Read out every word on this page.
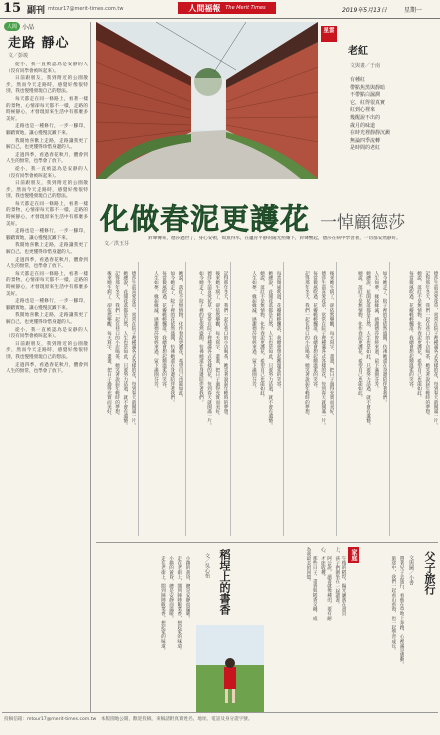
15 副刊 mtour17@merit-times.com.tw	人間福報 The Merit Times	2019年5月13日	星期一
人間 小品
走路 靜心
文／彭竣

從小，我一直被認為是安靜的人（沒有同學會被叫起來）。

日前跟朋友，我到附近的公園散步，然而今天走路時，感覺好像很特別，我也慢慢發現自己的想法。

每天都走在同一條路上，看著一樣的景物，心情卻每天都不一樣，走路的時候靜心，才發現原來生活中有那麼多美好。

走路也是一種修行，一步一腳印，腳踏實地，讓心慢慢沉澱下來。

我開始喜歡上走路，走路讓我更了解自己，也更懂得珍惜身邊的人。

走過四季，看過春花秋月，體會到人生的無常，也學會了放下。

從小，我一直被認為是安靜的人（沒有同學會被叫起來）。

日前跟朋友，我到附近的公園散步，然而今天走路時，感覺好像很特別，我也慢慢發現自己的想法。

每天都走在同一條路上，看著一樣的景物，心情卻每天都不一樣，走路的時候靜心，才發現原來生活中有那麼多美好。

走路也是一種修行，一步一腳印，腳踏實地，讓心慢慢沉澱下來。

我開始喜歡上走路，走路讓我更了解自己，也更懂得珍惜身邊的人。

走過四季，看過春花秋月，體會到人生的無常，也學會了放下。

每天都走在同一條路上，看著一樣的景物，心情卻每天都不一樣，走路的時候靜心，才發現原來生活中有那麼多美好。

走路也是一種修行，一步一腳印，腳踏實地，讓心慢慢沉澱下來。

我開始喜歡上走路，走路讓我更了解自己，也更懂得珍惜身邊的人。

從小，我一直被認為是安靜的人（沒有同學會被叫起來）。

日前跟朋友，我到附近的公園散步，然而今天走路時，感覺好像很特別，我也慢慢發現自己的想法。

走過四季，看過春花秋月，體會到人生的無常，也學會了放下。

星雲
老紅
文與畫／于南
有種紅
帶點焦黑與靜暗
不帶點白濕潤
它，紅得很真實
紅到心裡來
幾醒說不出的
歲月的味道
在時光裡靜靜沉澱
無論四季流轉
是時間的老紅
化做春泥更護花 一悼顧德莎
文／洪玉芬
鈴聲傳來，德莎過世了，身心安頓，如魚得水，在蘊育平靜的陽光照耀下，鈴聲響起，德莎在病中學習著，一切都安然靜好。

德莎生前喜愛花草，常常在院子裡種滿各式各樣的花，每到春天就開滿一片。

她總說，花開花落都是自然，人生也是如此，只要努力活過，就不會有遺憾。

記得那年冬天，我們一起在巷口的小店喝茶，她笑著說起年輕時的夢想。

後來她生病了，卻依然樂觀，每天寫字、畫畫，把日子過得充實而美好。	她說，落紅不是無情物，化作春泥更護花，希望自己也能如此。

如今她走了，院子裡的花依然盛開，彷彿她還在身邊陪伴著我們。

每當微風吹過，花瓣輕輕飄落，我總會想起她溫柔的笑容。

人生如夢，緣起緣滅，感謝德莎曾經來過，留下滿園芬芳。	記得那年冬天，我們一起在巷口的小店喝茶，她笑著說起年輕時的夢想。

後來她生病了，卻依然樂觀，每天寫字、畫畫，把日子過得充實而美好。

德莎生前喜愛花草，常常在院子裡種滿各式各樣的花，每到春天就開滿一片。

如今她走了，院子裡的花依然盛開，彷彿她還在身邊陪伴著我們。	每當微風吹過，花瓣輕輕飄落，我總會想起她溫柔的笑容。

她總說，花開花落都是自然，人生也是如此，只要努力活過，就不會有遺憾。

她說，落紅不是無情物，化作春泥更護花，希望自己也能如此。

人生如夢，緣起緣滅，感謝德莎曾經來過，留下滿園芬芳。	後來她生病了，卻依然樂觀，每天寫字、畫畫，把日子過得充實而美好。

德莎生前喜愛花草，常常在院子裡種滿各式各樣的花，每到春天就開滿一片。

每當微風吹過，花瓣輕輕飄落，我總會想起她溫柔的笑容。

記得那年冬天，我們一起在巷口的小店喝茶，她笑著說起年輕時的夢想。	如今她走了，院子裡的花依然盛開，彷彿她還在身邊陪伴著我們。

人生如夢，緣起緣滅，感謝德莎曾經來過，留下滿園芬芳。

她總說，花開花落都是自然，人生也是如此，只要努力活過，就不會有遺憾。

她說，落紅不是無情物，化作春泥更護花，希望自己也能如此。	德莎生前喜愛花草，常常在院子裡種滿各式各樣的花，每到春天就開滿一片。

記得那年冬天，我們一起在巷口的小店喝茶，她笑著說起年輕時的夢想。

她說，落紅不是無情物，化作春泥更護花，希望自己也能如此。

每當微風吹過，花瓣輕輕飄落，我總會想起她溫柔的笑容。

小鎮的黃昏，總是安靜而溫暖。

走在老街上，聞到陣陣飯菜香，想起家的味道。

小鎮的黃昏，總是安靜而溫暖。

走在老街上，聞到陣陣飯菜香，想起家的味道。	稻埕上的書香
文／吳心怡	午後的稻埕，陽光灑落在書頁上，孩子們圍坐在一起讀書。

阿公說，讀書就像種田，要有耐心，才能收穫。

那些日子，書香與稻香交織，成為我最美的回憶。	家庭

帶著兒子去旅行，看他在草地上奔跑，心裡滿是感動。

旅途中，我們一起看山看海，也一起學習成長。 文與圖／小書 父子旅行
投稿信箱：mtour17@merit-times.com.tw　本版園地公開，歡迎投稿，來稿請附真實姓名、地址、電話及身分證字號。
